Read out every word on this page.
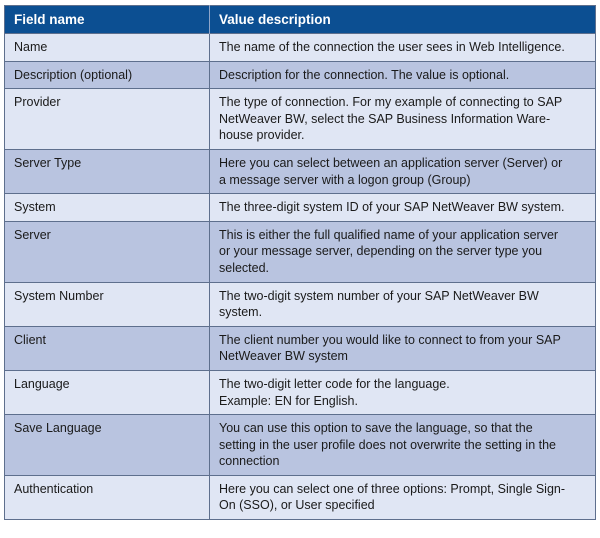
Field name	Value description
Name	The name of the connection the user sees in Web Intelligence.

Description (optional)	Description for the connection. The value is optional.

Provider	The type of connection. For my example of connecting to SAP
NetWeaver BW, select the SAP Business Information Ware-
house provider.

Server Type	Here you can select between an application server (Server) or
a message server with a logon group (Group)

System	The three-digit system ID of your SAP NetWeaver BW system.

Server	This is either the full qualified name of your application server
or your message server, depending on the server type you
selected.

System Number	The two-digit system number of your SAP NetWeaver BW
system.

Client	The client number you would like to connect to from your SAP
NetWeaver BW system

Language	The two-digit letter code for the language.
Example: EN for English.

Save Language	You can use this option to save the language, so that the
setting in the user profile does not overwrite the setting in the
connection

Authentication	Here you can select one of three options: Prompt, Single Sign-
On (SSO), or User specified
